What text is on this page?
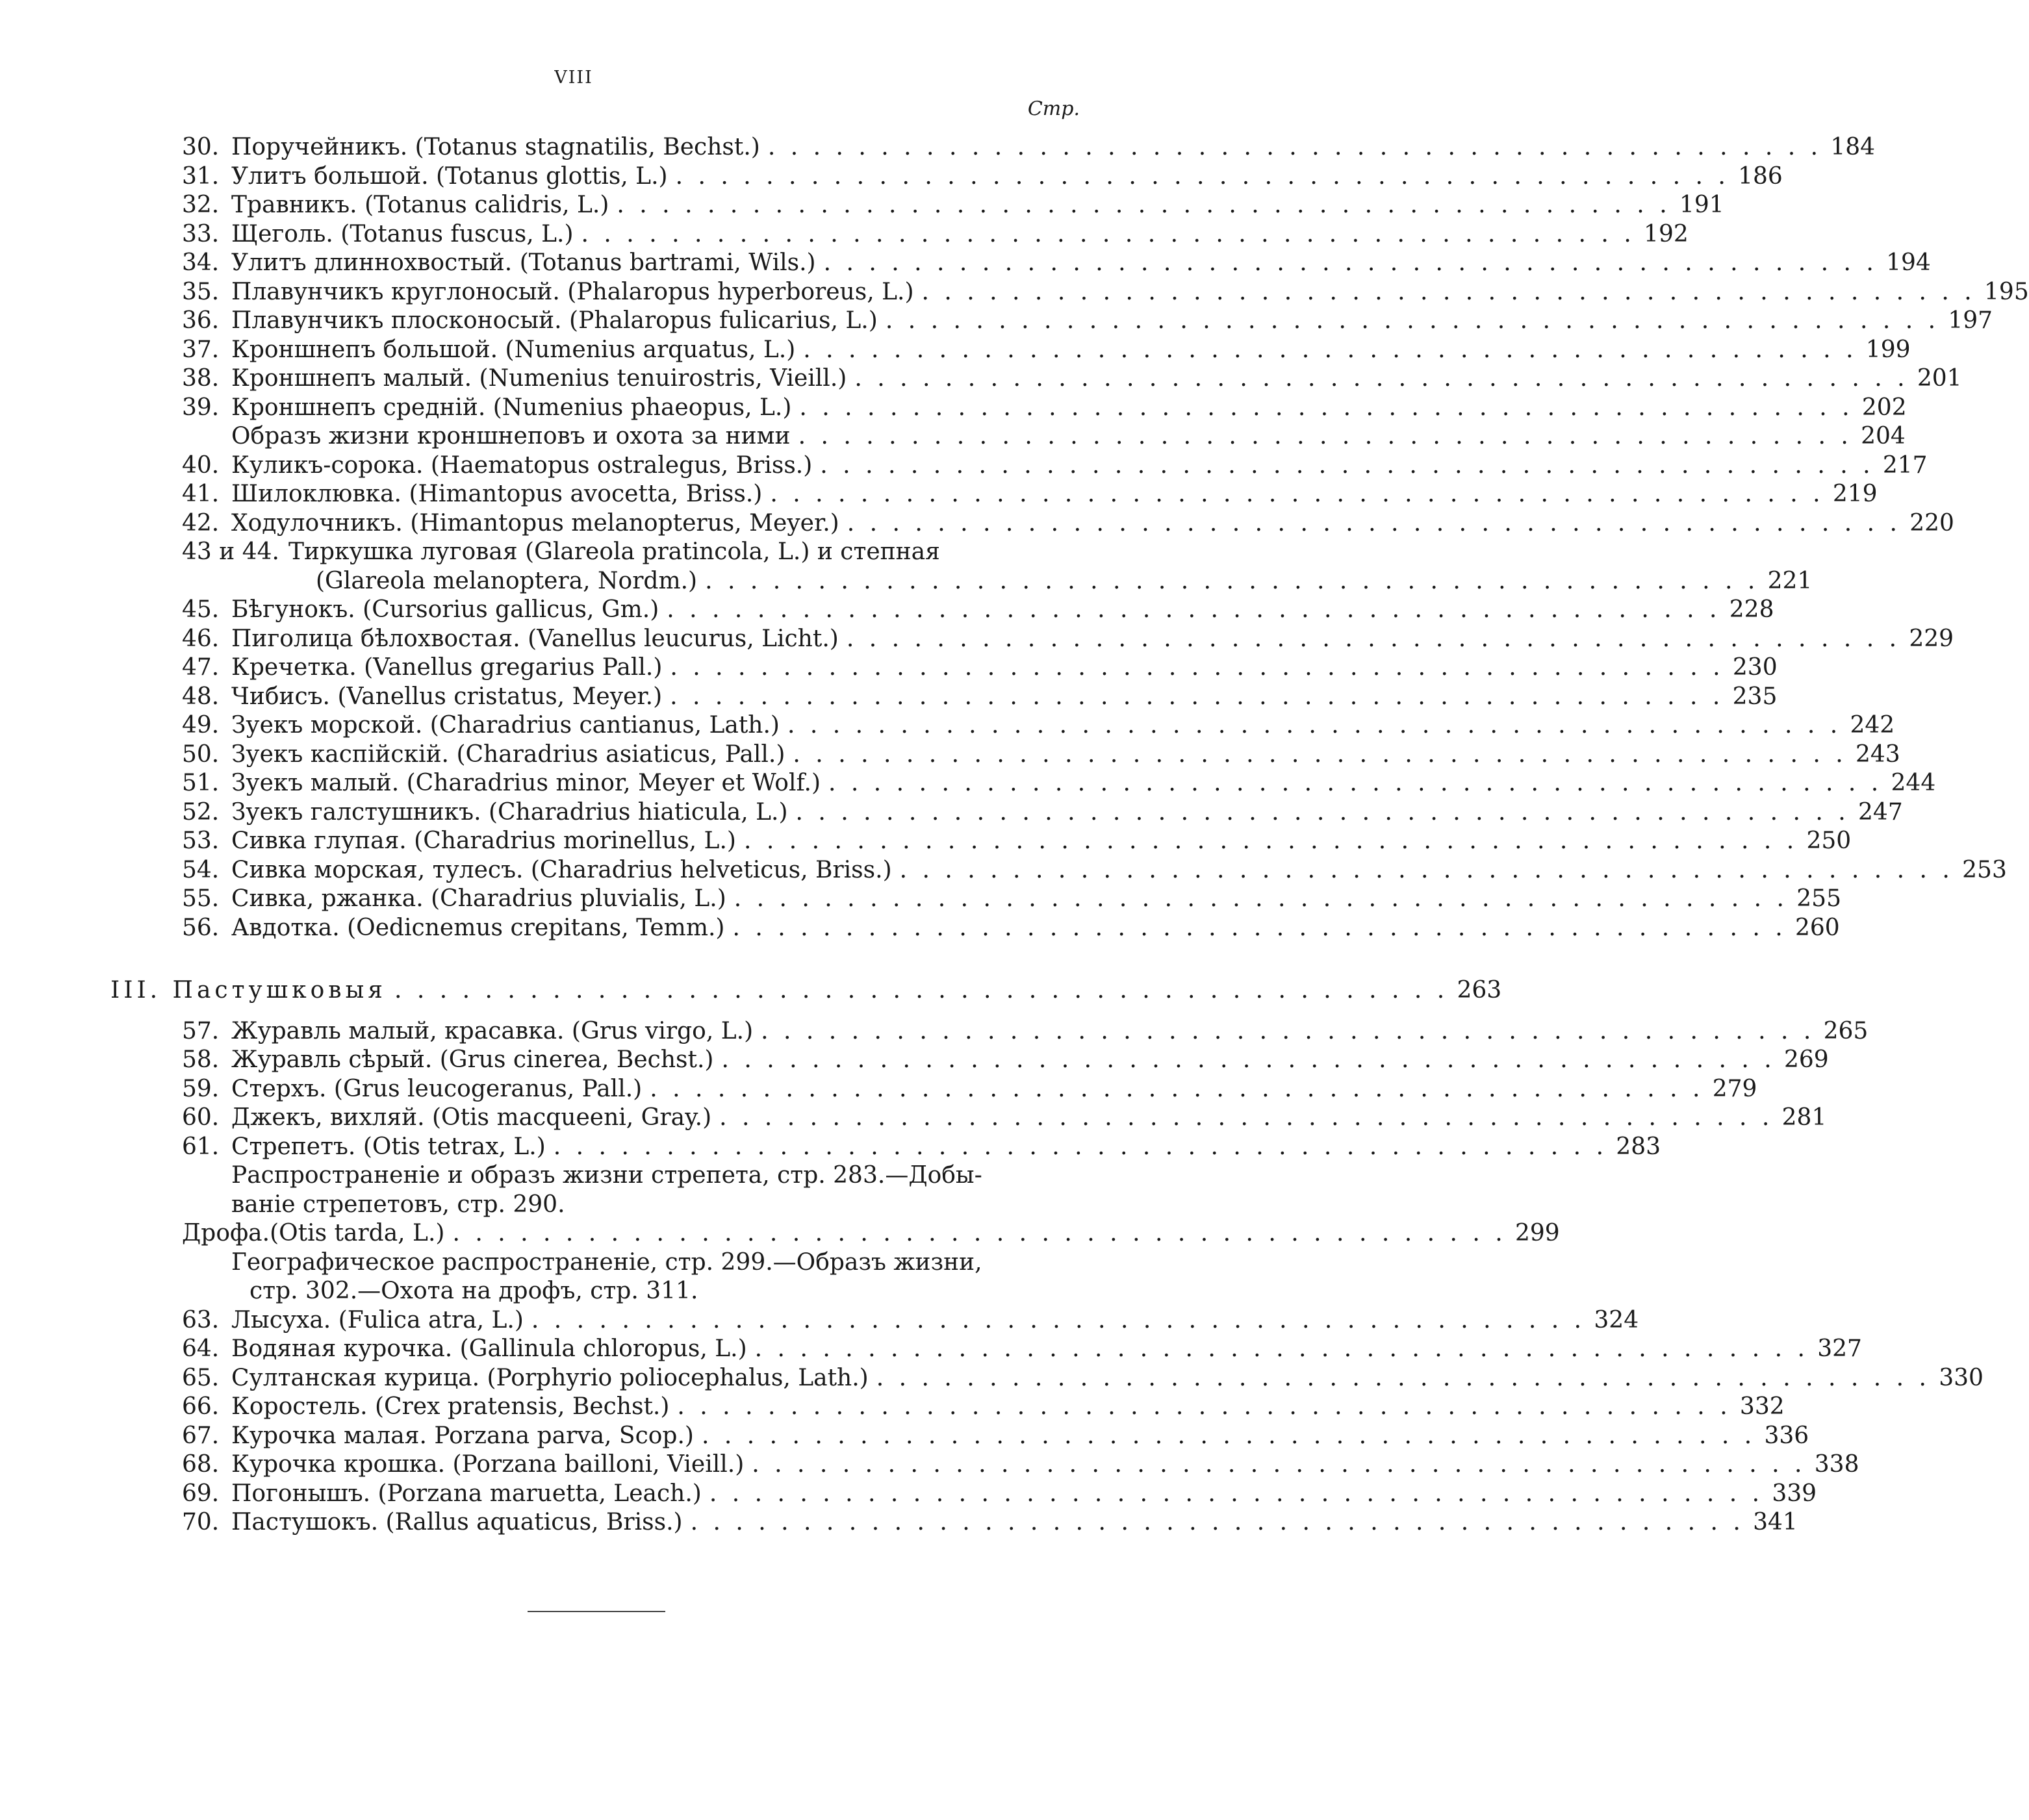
VIII
Стр.
30. Поручейникъ. (Totanus stagnatilis, Bechst.) . . . . . . . . . . . . . . . . . . . . . . . . . . . . . . . . . . . . . . . . . . . . . . . 184
31. Улитъ большой. (Totanus glottis, L.) . . . . . . . . . . . . . . . . . . . . . . . . . . . . . . . . . . . . . . . . . . . . . . . 186
32. Травникъ. (Totanus calidris, L.) . . . . . . . . . . . . . . . . . . . . . . . . . . . . . . . . . . . . . . . . . . . . . . . 191
33. Щеголь. (Totanus fuscus, L.) . . . . . . . . . . . . . . . . . . . . . . . . . . . . . . . . . . . . . . . . . . . . . . . 192
34. Улитъ длиннохвостый. (Totanus bartrami, Wils.) . . . . . . . . . . . . . . . . . . . . . . . . . . . . . . . . . . . . . . . . . . . . . . . 194
35. Плавунчикъ круглоносый. (Phalaropus hyperboreus, L.) . . . . . . . . . . . . . . . . . . . . . . . . . . . . . . . . . . . . . . . . . . . . . . . 195
36. Плавунчикъ плосконосый. (Phalaropus fulicarius, L.) . . . . . . . . . . . . . . . . . . . . . . . . . . . . . . . . . . . . . . . . . . . . . . . 197
37. Кроншнепъ большой. (Numenius arquatus, L.) . . . . . . . . . . . . . . . . . . . . . . . . . . . . . . . . . . . . . . . . . . . . . . . 199
38. Кроншнепъ малый. (Numenius tenuirostris, Vieill.) . . . . . . . . . . . . . . . . . . . . . . . . . . . . . . . . . . . . . . . . . . . . . . . 201
39. Кроншнепъ средній. (Numenius phaeopus, L.) . . . . . . . . . . . . . . . . . . . . . . . . . . . . . . . . . . . . . . . . . . . . . . . 202
Образъ жизни кроншнеповъ и охота за ними . . . . . . . . . . . . . . . . . . . . . . . . . . . . . . . . . . . . . . . . . . . . . . . 204
40. Куликъ-сорока. (Haematopus ostralegus, Briss.) . . . . . . . . . . . . . . . . . . . . . . . . . . . . . . . . . . . . . . . . . . . . . . . 217
41. Шилоклювка. (Himantopus avocetta, Briss.) . . . . . . . . . . . . . . . . . . . . . . . . . . . . . . . . . . . . . . . . . . . . . . . 219
42. Ходулочникъ. (Himantopus melanopterus, Meyer.) . . . . . . . . . . . . . . . . . . . . . . . . . . . . . . . . . . . . . . . . . . . . . . . 220
43 и 44. Тиркушка луговая (Glareola pratincola, L.) и степная
(Glareola melanoptera, Nordm.) . . . . . . . . . . . . . . . . . . . . . . . . . . . . . . . . . . . . . . . . . . . . . . . 221
45. Бѣгунокъ. (Cursorius gallicus, Gm.) . . . . . . . . . . . . . . . . . . . . . . . . . . . . . . . . . . . . . . . . . . . . . . . 228
46. Пиголица бѣлохвостая. (Vanellus leucurus, Licht.) . . . . . . . . . . . . . . . . . . . . . . . . . . . . . . . . . . . . . . . . . . . . . . . 229
47. Кречетка. (Vanellus gregarius Pall.) . . . . . . . . . . . . . . . . . . . . . . . . . . . . . . . . . . . . . . . . . . . . . . . 230
48. Чибисъ. (Vanellus cristatus, Meyer.) . . . . . . . . . . . . . . . . . . . . . . . . . . . . . . . . . . . . . . . . . . . . . . . 235
49. Зуекъ морской. (Charadrius cantianus, Lath.) . . . . . . . . . . . . . . . . . . . . . . . . . . . . . . . . . . . . . . . . . . . . . . . 242
50. Зуекъ каспійскій. (Charadrius asiaticus, Pall.) . . . . . . . . . . . . . . . . . . . . . . . . . . . . . . . . . . . . . . . . . . . . . . . 243
51. Зуекъ малый. (Charadrius minor, Meyer et Wolf.) . . . . . . . . . . . . . . . . . . . . . . . . . . . . . . . . . . . . . . . . . . . . . . . 244
52. Зуекъ галстушникъ. (Charadrius hiaticula, L.) . . . . . . . . . . . . . . . . . . . . . . . . . . . . . . . . . . . . . . . . . . . . . . . 247
53. Сивка глупая. (Charadrius morinellus, L.) . . . . . . . . . . . . . . . . . . . . . . . . . . . . . . . . . . . . . . . . . . . . . . . 250
54. Сивка морская, тулесъ. (Charadrius helveticus, Briss.) . . . . . . . . . . . . . . . . . . . . . . . . . . . . . . . . . . . . . . . . . . . . . . . 253
55. Сивка, ржанка. (Charadrius pluvialis, L.) . . . . . . . . . . . . . . . . . . . . . . . . . . . . . . . . . . . . . . . . . . . . . . . 255
56. Авдотка. (Oedicnemus crepitans, Temm.) . . . . . . . . . . . . . . . . . . . . . . . . . . . . . . . . . . . . . . . . . . . . . . . 260
III. Пастушковыя . . . . . . . . . . . . . . . . . . . . . . . . . . . . . . . . . . . . . . . . . . . . . . . 263
57. Журавль малый, красавка. (Grus virgo, L.) . . . . . . . . . . . . . . . . . . . . . . . . . . . . . . . . . . . . . . . . . . . . . . . 265
58. Журавль сѣрый. (Grus cinerea, Bechst.) . . . . . . . . . . . . . . . . . . . . . . . . . . . . . . . . . . . . . . . . . . . . . . . 269
59. Стерхъ. (Grus leucogeranus, Pall.) . . . . . . . . . . . . . . . . . . . . . . . . . . . . . . . . . . . . . . . . . . . . . . . 279
60. Джекъ, вихляй. (Otis macqueeni, Gray.) . . . . . . . . . . . . . . . . . . . . . . . . . . . . . . . . . . . . . . . . . . . . . . . 281
61. Стрепетъ. (Otis tetrax, L.) . . . . . . . . . . . . . . . . . . . . . . . . . . . . . . . . . . . . . . . . . . . . . . . 283
Распространеніе и образъ жизни стрепета, стр. 283.—Добы-
ваніе стрепетовъ, стр. 290.
Дрофа.(Otis tarda, L.) . . . . . . . . . . . . . . . . . . . . . . . . . . . . . . . . . . . . . . . . . . . . . . . 299
Географическое распространеніе, стр. 299.—Образъ жизни,
стр. 302.—Охота на дрофъ, стр. 311.
63. Лысуха. (Fulica atra, L.) . . . . . . . . . . . . . . . . . . . . . . . . . . . . . . . . . . . . . . . . . . . . . . . 324
64. Водяная курочка. (Gallinula chloropus, L.) . . . . . . . . . . . . . . . . . . . . . . . . . . . . . . . . . . . . . . . . . . . . . . . 327
65. Султанская курица. (Porphyrio poliocephalus, Lath.) . . . . . . . . . . . . . . . . . . . . . . . . . . . . . . . . . . . . . . . . . . . . . . . 330
66. Коростель. (Crex pratensis, Bechst.) . . . . . . . . . . . . . . . . . . . . . . . . . . . . . . . . . . . . . . . . . . . . . . . 332
67. Курочка малая. Porzana parva, Scop.) . . . . . . . . . . . . . . . . . . . . . . . . . . . . . . . . . . . . . . . . . . . . . . . 336
68. Курочка крошка. (Porzana bailloni, Vieill.) . . . . . . . . . . . . . . . . . . . . . . . . . . . . . . . . . . . . . . . . . . . . . . . 338
69. Погонышъ. (Porzana maruetta, Leach.) . . . . . . . . . . . . . . . . . . . . . . . . . . . . . . . . . . . . . . . . . . . . . . . 339
70. Пастушокъ. (Rallus aquaticus, Briss.) . . . . . . . . . . . . . . . . . . . . . . . . . . . . . . . . . . . . . . . . . . . . . . . 341
